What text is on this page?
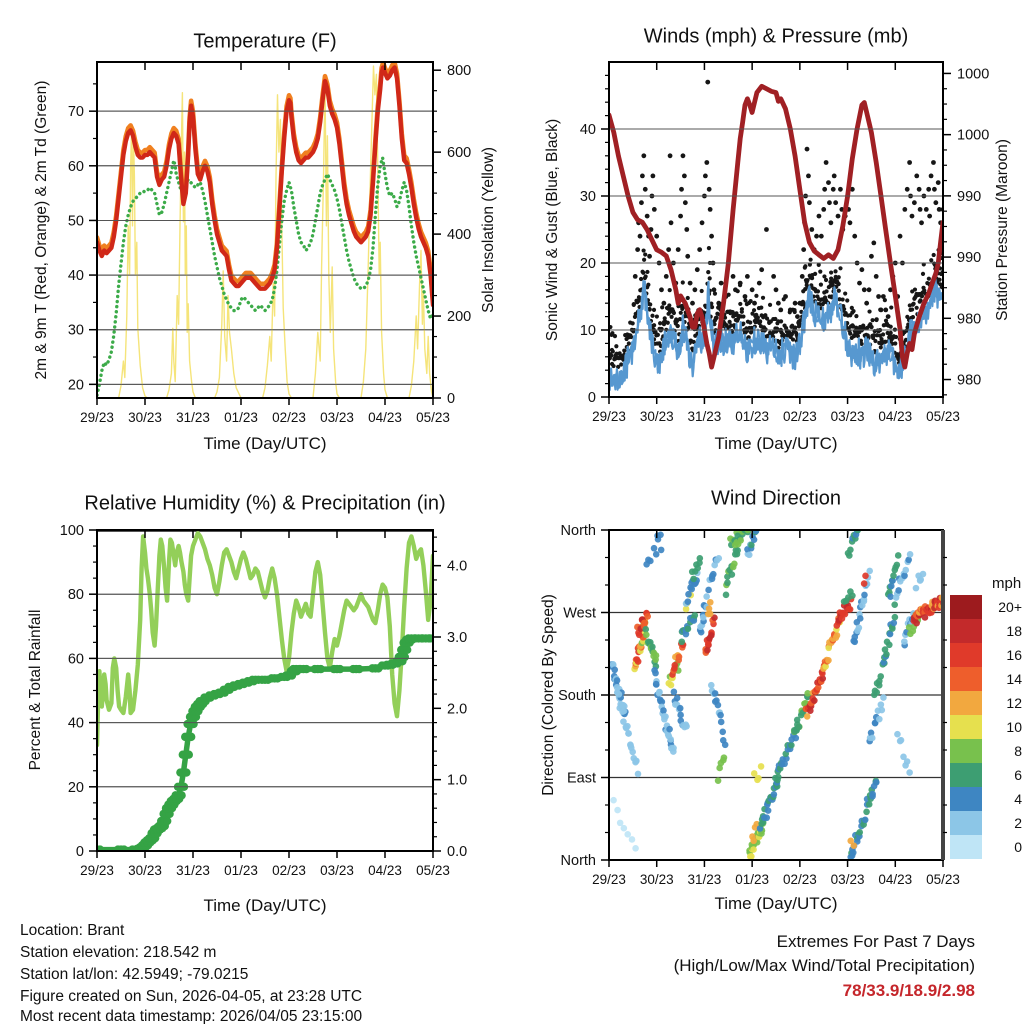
29/23 30/23 31/23 01/23 02/23 03/23 04/23 05/23
20
30
40
50
60
70
0
200
400
600
800
29/23 30/23 31/23 01/23 02/23 03/23 04/23 05/23
0
10
20
30
40
980
980
990
990
1000
1000
29/23 30/23 31/23 01/23 02/23 03/23 04/23 05/23
0
20
40
60
80
100
0.0
1.0
2.0
3.0
4.0
29/23 30/23 31/23 01/23 02/23 03/23 04/23 05/23
North
East
South
West
North
Temperature (F)	Winds (mph) & Pressure (mb)
Relative Humidity (%) & Precipitation (in)	Wind Direction
2m & 9m T (Red, Orange) & 2m Td (Green)	Solar Insolation (Yellow)	Sonic Wind & Gust (Blue, Black)	Station Pressure (Maroon)
Percent & Total Rainfall	Direction (Colored By Speed)
Time (Day/UTC)	Time (Day/UTC)
Time (Day/UTC)	Time (Day/UTC)
mph
20+
18
16
14
12
10
8
6
4
2
0
Location: Brant
Station elevation: 218.542 m
Station lat/lon: 42.5949; -79.0215
Figure created on Sun, 2026-04-05, at 23:28 UTC
Most recent data timestamp: 2026/04/05 23:15:00
Extremes For Past 7 Days
(High/Low/Max Wind/Total Precipitation)
78/33.9/18.9/2.98
